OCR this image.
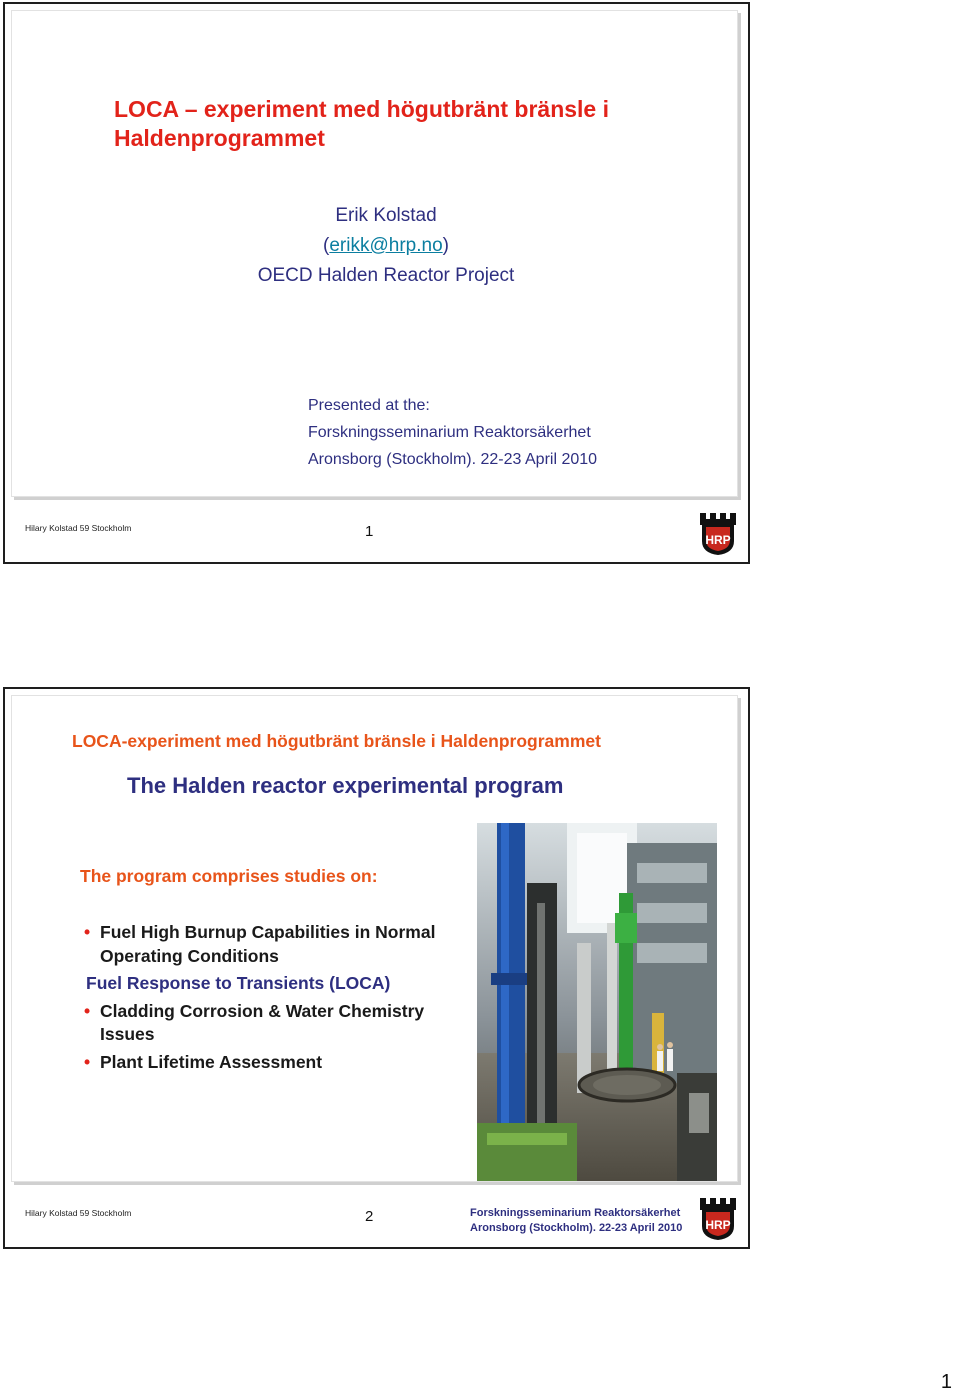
LOCA – experiment med högutbränt bränsle i Haldenprogrammet
Erik Kolstad
(erikk@hrp.no)
OECD Halden Reactor Project
Presented at the:
Forskningsseminarium Reaktorsäkerhet
Aronsborg (Stockholm). 22-23 April 2010
Hilary Kolstad 59 Stockholm	1	HRP
LOCA-experiment med högutbränt bränsle i Haldenprogrammet
The Halden reactor experimental program
The program comprises studies on:
• Fuel High Burnup Capabilities in Normal Operating Conditions
Fuel Response to Transients (LOCA)
• Cladding Corrosion & Water Chemistry Issues
• Plant Lifetime Assessment
Hilary Kolstad 59 Stockholm	2	Forskningsseminarium Reaktorsäkerhet
Aronsborg (Stockholm). 22-23 April 2010 HRP
1
